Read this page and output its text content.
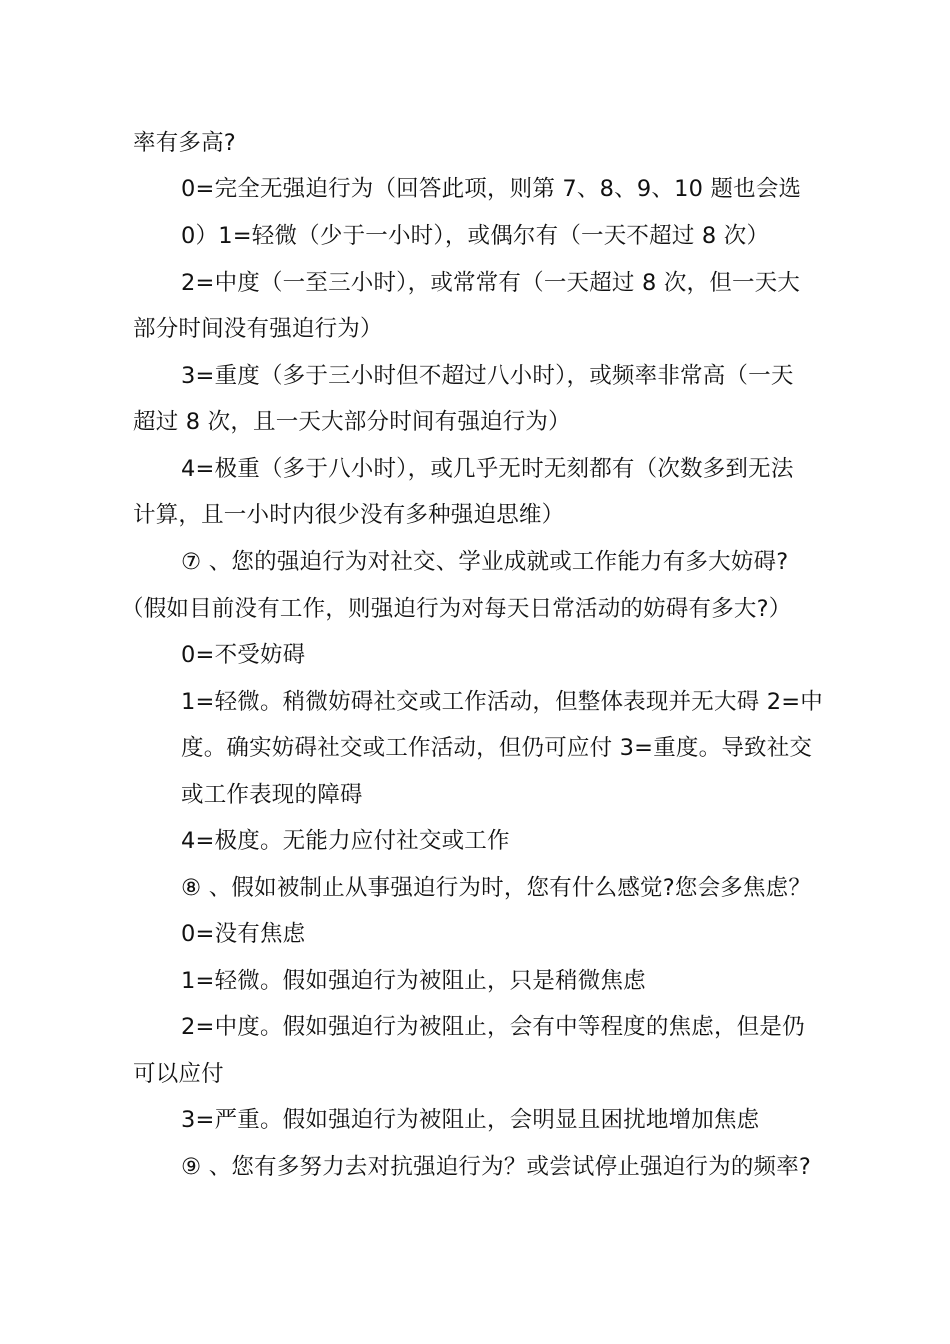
率有多高?
0=完全无强迫行为（回答此项，则第 7、8、9、10 题也会选
0）1=轻微（少于一小时），或偶尔有（一天不超过 8 次）
2=中度（一至三小时），或常常有（一天超过 8 次，但一天大
部分时间没有强迫行为）
3=重度（多于三小时但不超过八小时），或频率非常高（一天
超过 8 次，且一天大部分时间有强迫行为）
4=极重（多于八小时），或几乎无时无刻都有（次数多到无法
计算，且一小时内很少没有多种强迫思维）
⑦ 、您的强迫行为对社交、学业成就或工作能力有多大妨碍?
（假如目前没有工作，则强迫行为对每天日常活动的妨碍有多大?）
0=不受妨碍
1=轻微。稍微妨碍社交或工作活动，但整体表现并无大碍 2=中
度。确实妨碍社交或工作活动，但仍可应付 3=重度。导致社交
或工作表现的障碍
4=极度。无能力应付社交或工作
⑧ 、假如被制止从事强迫行为时，您有什么感觉?您会多焦虑？
0=没有焦虑
1=轻微。假如强迫行为被阻止，只是稍微焦虑
2=中度。假如强迫行为被阻止，会有中等程度的焦虑，但是仍
可以应付
3=严重。假如强迫行为被阻止，会明显且困扰地增加焦虑
⑨ 、您有多努力去对抗强迫行为？或尝试停止强迫行为的频率?
